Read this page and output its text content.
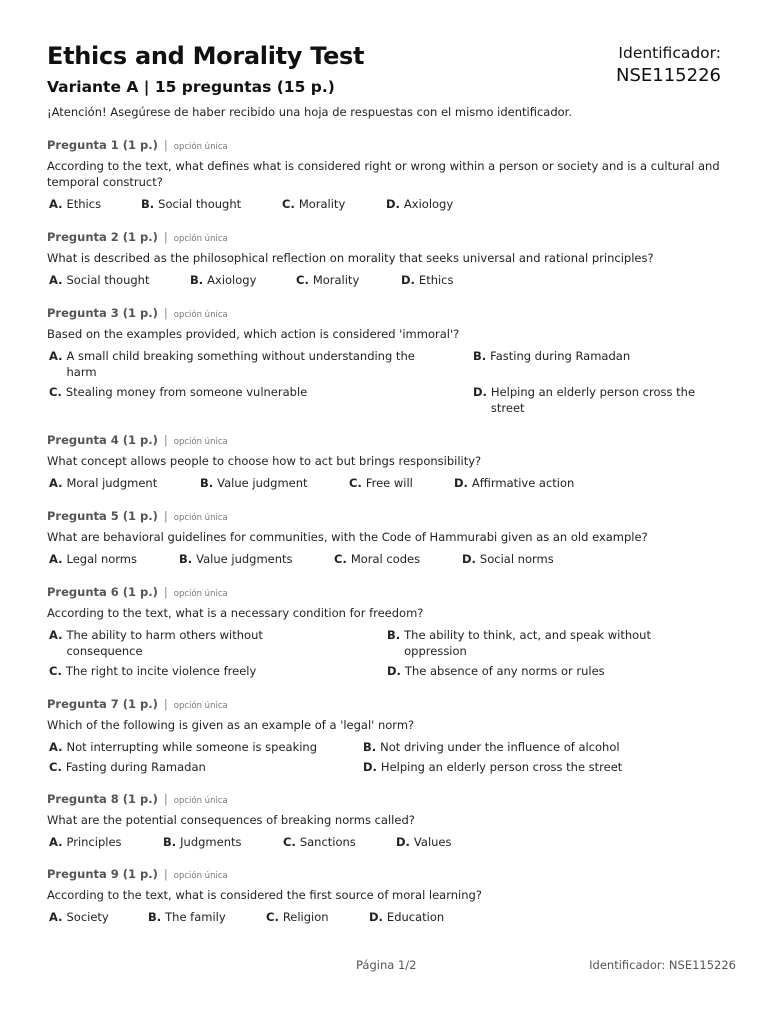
Ethics and Morality Test
Variante A | 15 preguntas (15 p.)
Identificador:
NSE115226
¡Atención! Asegúrese de haber recibido una hoja de respuestas con el mismo identificador.
Pregunta 1 (1 p.) | opción única
According to the text, what defines what is considered right or wrong within a person or society and is a cultural and temporal construct?
A. Ethics	B. Social thought	C. Morality	D. Axiology
Pregunta 2 (1 p.) | opción única
What is described as the philosophical reflection on morality that seeks universal and rational principles?
A. Social thought	B. Axiology	C. Morality	D. Ethics
Pregunta 3 (1 p.) | opción única
Based on the examples provided, which action is considered 'immoral'?
A. A small child breaking something without understanding the harm
B. Fasting during Ramadan
C. Stealing money from someone vulnerable	D. Helping an elderly person cross the street
Pregunta 4 (1 p.) | opción única
What concept allows people to choose how to act but brings responsibility?
A. Moral judgment	B. Value judgment	C. Free will	D. Affirmative action
Pregunta 5 (1 p.) | opción única
What are behavioral guidelines for communities, with the Code of Hammurabi given as an old example?
A. Legal norms	B. Value judgments	C. Moral codes	D. Social norms
Pregunta 6 (1 p.) | opción única
According to the text, what is a necessary condition for freedom?
A. The ability to harm others without consequence
B. The ability to think, act, and speak without oppression
C. The right to incite violence freely	D. The absence of any norms or rules
Pregunta 7 (1 p.) | opción única
Which of the following is given as an example of a 'legal' norm?
A. Not interrupting while someone is speaking	B. Not driving under the influence of alcohol
C. Fasting during Ramadan	D. Helping an elderly person cross the street
Pregunta 8 (1 p.) | opción única
What are the potential consequences of breaking norms called?
A. Principles	B. Judgments	C. Sanctions	D. Values
Pregunta 9 (1 p.) | opción única
According to the text, what is considered the first source of moral learning?
A. Society	B. The family	C. Religion	D. Education
Página 1/2	Identificador: NSE115226
